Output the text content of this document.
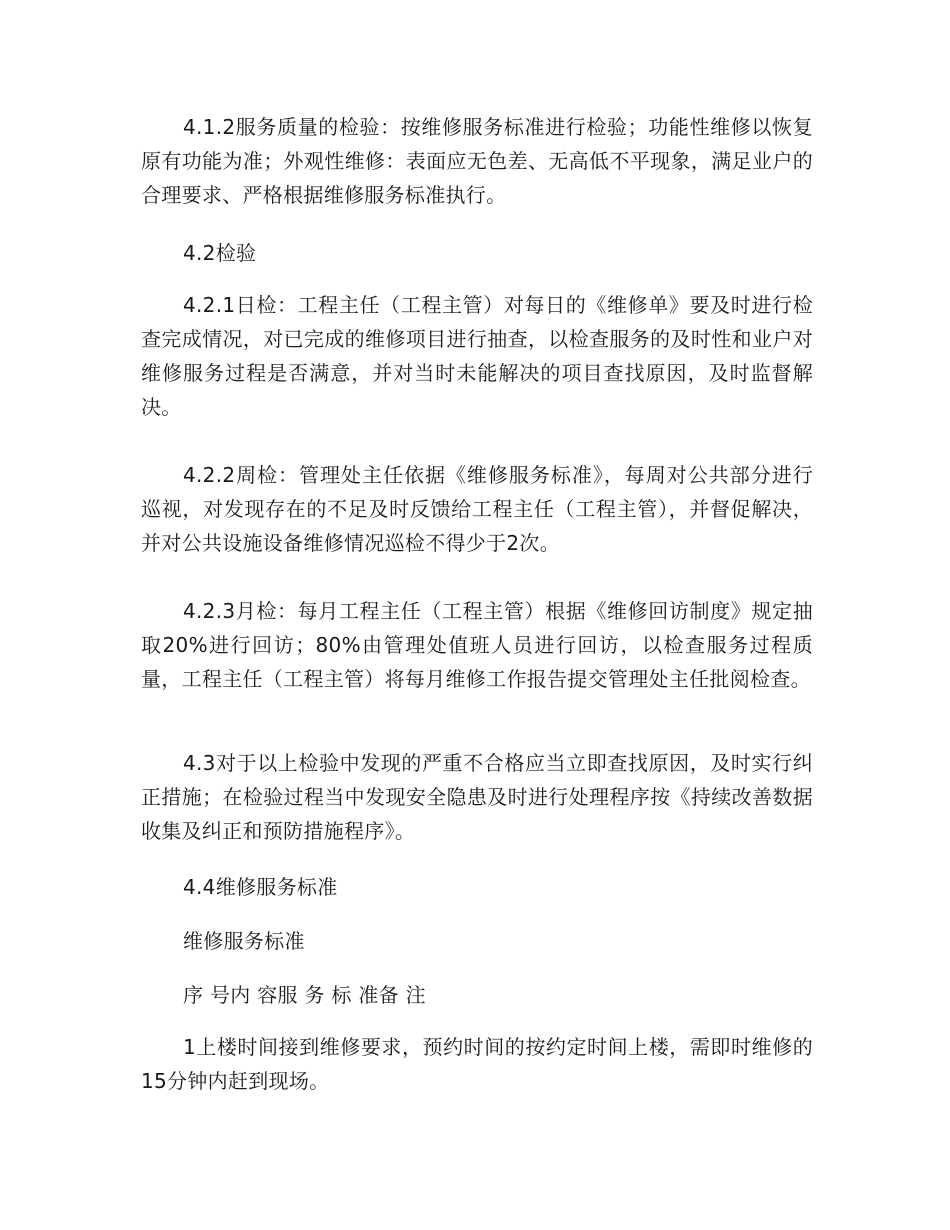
4.1.2服务质量的检验：按维修服务标准进行检验；功能性维修以恢复原有功能为准；外观性维修：表面应无色差、无高低不平现象，满足业户的合理要求、严格根据维修服务标准执行。

4.2检验

4.2.1日检：工程主任（工程主管）对每日的《维修单》要及时进行检查完成情况，对已完成的维修项目进行抽查，以检查服务的及时性和业户对维修服务过程是否满意，并对当时未能解决的项目查找原因，及时监督解决。

4.2.2周检：管理处主任依据《维修服务标准》，每周对公共部分进行巡视，对发现存在的不足及时反馈给工程主任（工程主管），并督促解决，并对公共设施设备维修情况巡检不得少于2次。

4.2.3月检：每月工程主任（工程主管）根据《维修回访制度》规定抽取20%进行回访；80%由管理处值班人员进行回访，以检查服务过程质量，工程主任（工程主管）将每月维修工作报告提交管理处主任批阅检查。

4.3对于以上检验中发现的严重不合格应当立即查找原因，及时实行纠正措施；在检验过程当中发现安全隐患及时进行处理程序按《持续改善数据收集及纠正和预防措施程序》。

4.4维修服务标准

维修服务标准

序 号内 容服 务 标 准备 注

1上楼时间接到维修要求，预约时间的按约定时间上楼，需即时维修的15分钟内赶到现场。
